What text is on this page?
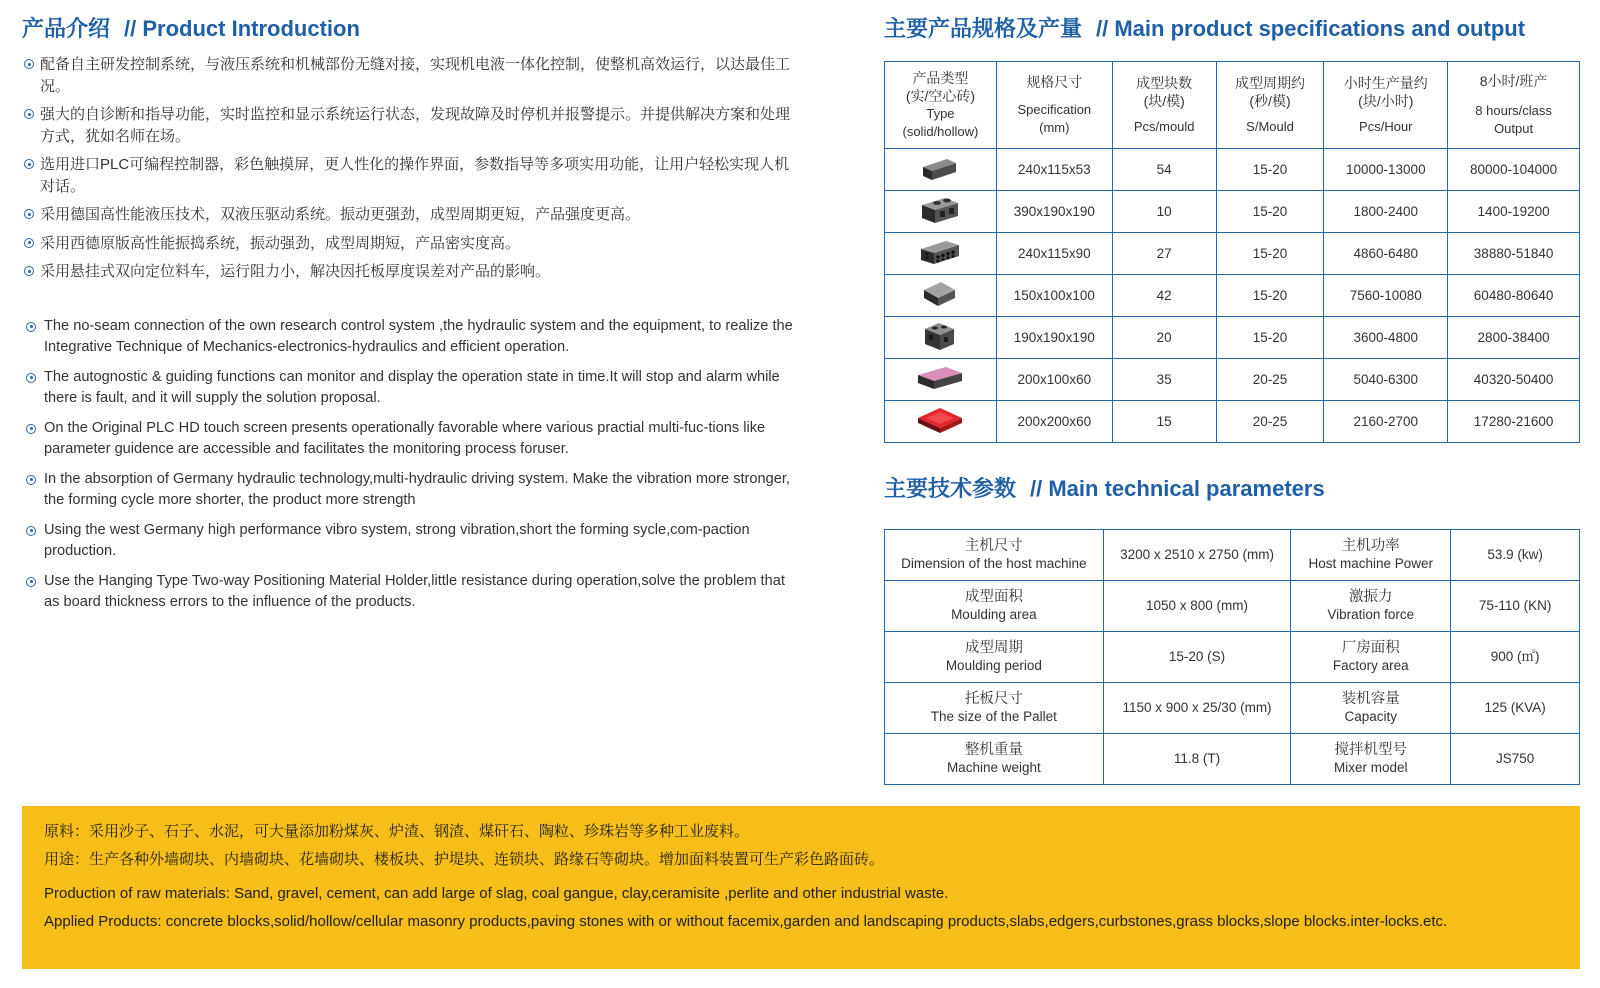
产品介绍 // Product Introduction
配备自主研发控制系统，与液压系统和机械部份无缝对接，实现机电液一体化控制，使整机高效运行，以达最佳工况。
强大的自诊断和指导功能，实时监控和显示系统运行状态，发现故障及时停机并报警提示。并提供解决方案和处理方式，犹如名师在场。
选用进口PLC可编程控制器，彩色触摸屏，更人性化的操作界面，参数指导等多项实用功能，让用户轻松实现人机对话。
采用德国高性能液压技术，双液压驱动系统。振动更强劲，成型周期更短，产品强度更高。
采用西德原版高性能振捣系统，振动强劲，成型周期短，产品密实度高。
采用悬挂式双向定位料车，运行阻力小，解决因托板厚度误差对产品的影响。
The no-seam connection of the own research control system ,the hydraulic system and the equipment, to realize the Integrative Technique of Mechanics-electronics-hydraulics and efficient operation.
The autognostic & guiding functions can monitor and display the operation state in time.It will stop and alarm while there is fault, and it will supply the solution proposal.
On the Original PLC HD touch screen presents operationally favorable where various practial multi-fuc-tions like parameter guidence are accessible and facilitates the monitoring process foruser.
In the absorption of Germany hydraulic technology,multi-hydraulic driving system. Make the vibration more stronger, the forming cycle more shorter, the product more strength
Using the west Germany high performance vibro system, strong vibration,short the forming sycle,com-paction production.
Use the Hanging Type Two-way Positioning Material Holder,little resistance during operation,solve the problem that as board thickness errors to the influence of the products.
主要产品规格及产量 // Main product specifications and output
产品类型
(实/空心砖)
Type
(solid/hollow)	规格尺寸
Specification
(mm)	成型块数
(块/模)
Pcs/mould	成型周期约
(秒/模)
S/Mould	小时生产量约
(块/小时)
Pcs/Hour	8小时/班产
8 hours/class
Output

	240x115x53	54	15-20	10000-13000	80000-104000
	390x190x190	10	15-20	1800-2400	1400-19200
	240x115x90	27	15-20	4860-6480	38880-51840
	150x100x100	42	15-20	7560-10080	60480-80640
	190x190x190	20	15-20	3600-4800	2800-38400
	200x100x60	35	20-25	5040-6300	40320-50400
	200x200x60	15	20-25	2160-2700	17280-21600
主要技术参数 // Main technical parameters
主机尺寸
Dimension of the host machine	3200 x 2510 x 2750 (mm)	主机功率
Host machine Power	53.9 (kw)

成型面积
Moulding area	1050 x 800 (mm)	激振力
Vibration force	75-110 (KN)

成型周期
Moulding period	15-20 (S)	厂房面积
Factory area	900 (㎡)

托板尺寸
The size of the Pallet	1150 x 900 x 25/30 (mm)	装机容量
Capacity	125 (KVA)

整机重量
Machine weight	11.8 (T)	搅拌机型号
Mixer model	JS750

原料：采用沙子、石子、水泥，可大量添加粉煤灰、炉渣、钢渣、煤矸石、陶粒、珍珠岩等多种工业废料。

用途：生产各种外墙砌块、内墙砌块、花墙砌块、楼板块、护堤块、连锁块、路缘石等砌块。增加面料装置可生产彩色路面砖。

Production of raw materials: Sand, gravel, cement, can add large of slag, coal gangue, clay,ceramisite ,perlite and other industrial waste.

Applied Products: concrete blocks,solid/hollow/cellular masonry products,paving stones with or without facemix,garden and landscaping products,slabs,edgers,curbstones,grass blocks,slope blocks.inter-locks.etc.
